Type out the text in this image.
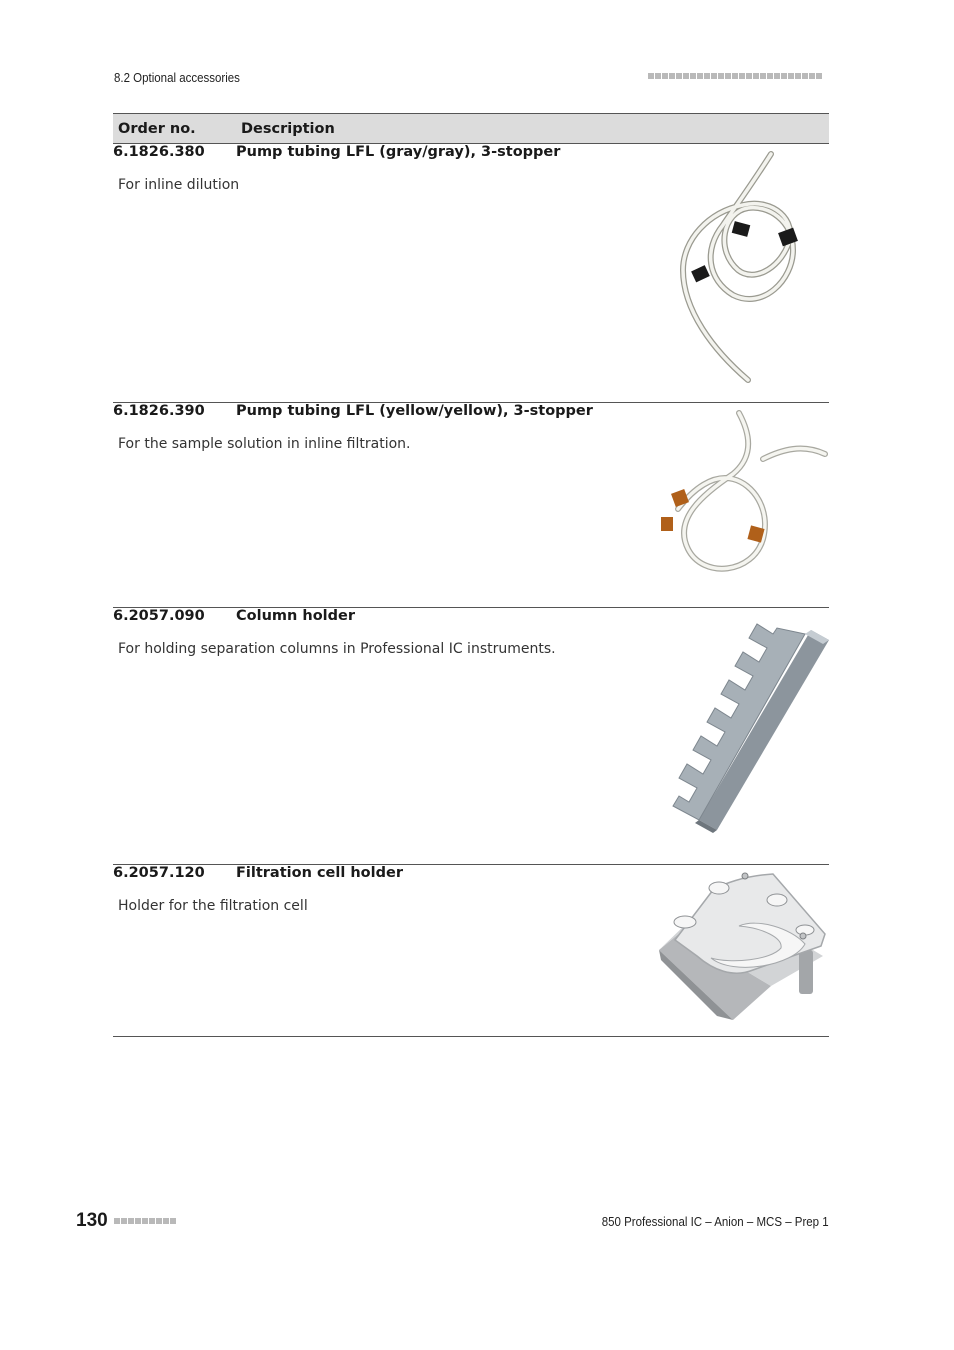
8.2 Optional accessories
Order no.	Description
6.1826.380	Pump tubing LFL (gray/gray), 3-stopper
For inline dilution

6.1826.390	Pump tubing LFL (yellow/yellow), 3-stopper
For the sample solution in inline filtration.

6.2057.090	Column holder
For holding separation columns in Professional IC instruments.

6.2057.120	Filtration cell holder
Holder for the filtration cell
130	850 Professional IC – Anion – MCS – Prep 1
